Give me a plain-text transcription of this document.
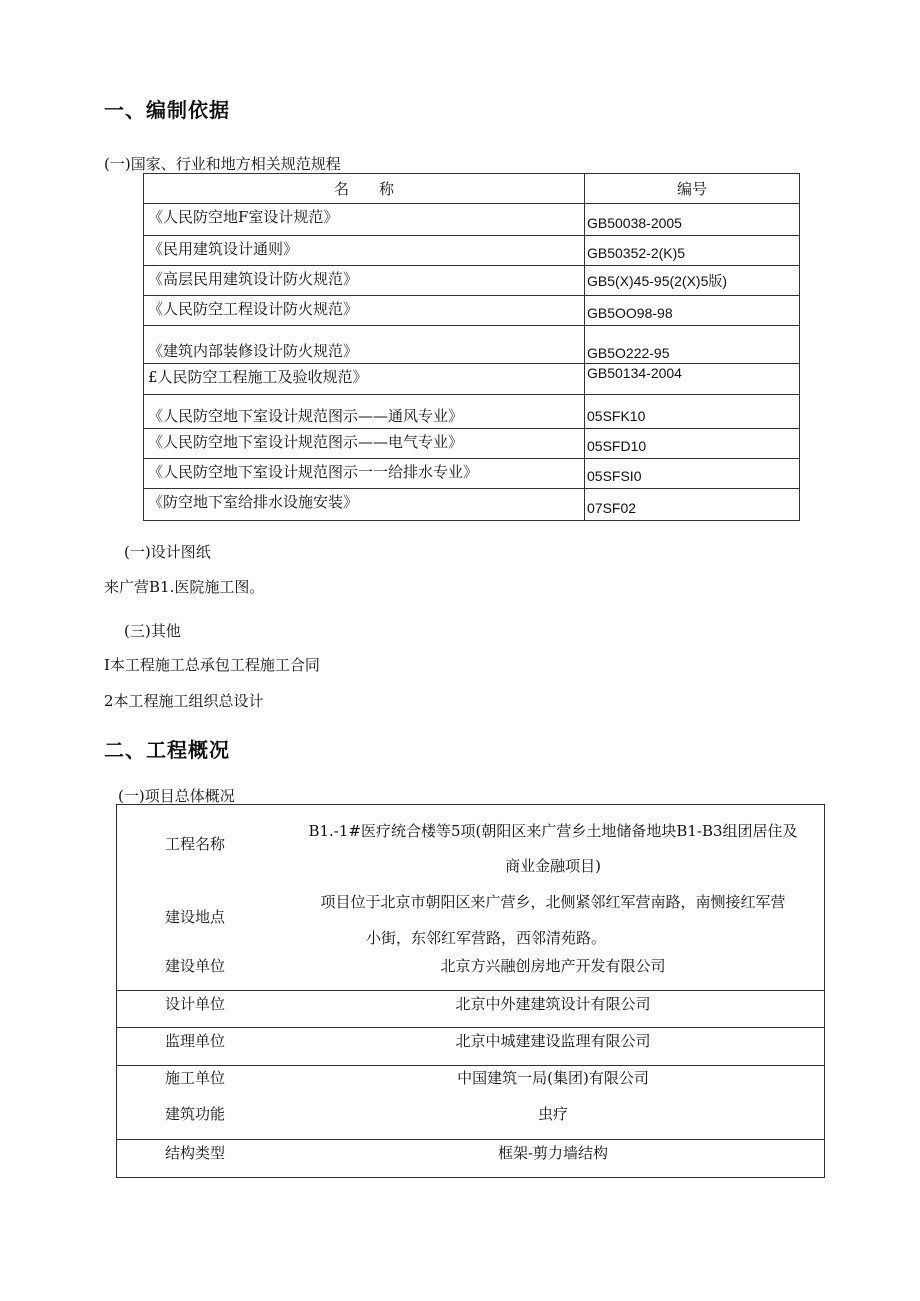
一、编制依据
(一)国家、行业和地方相关规范规程
名　　称	编号
《人民防空地F室设计规范》	GB50038-2005
《民用建筑设计通则》	GB50352-2(K)5
《高层民用建筑设计防火规范》	GB5(X)45-95(2(X)5版)
《人民防空工程设计防火规范》	GB5OO98-98
《建筑内部装修设计防火规范》	GB5O222-95
£人民防空工程施工及验收规范》	GB50134-2004
《人民防空地下室设计规范图示——通风专业》	05SFK10
《人民防空地下室设计规范图示——电气专业》	05SFD10
《人民防空地下室设计规范图示一一给排水专业》	05SFSI0
《防空地下室给排水设施安装》	07SF02
(一)设计图纸
来广营B1.医院施工图。
(三)其他
I本工程施工总承包工程施工合同
2本工程施工组织总设计
二、工程概况
(一)项目总体概况
工程名称
B1.-1#医疗统合楼等5项(朝阳区来广营乡土地储备地块B1-B3组团居住及
商业金融项目)
建设地点
项目位于北京市朝阳区来广营乡，北侧紧邻红军营南路，南恻接红军营
小街，东邻红军营路，西邻清苑路。
建设单位	北京方兴融创房地产开发有限公司
设计单位	北京中外建建筑设计有限公司
监理单位	北京中城建建设监理有限公司
施工单位	中国建筑一局(集团)有限公司
建筑功能	虫疗
结构类型	框架-剪力墙结构
